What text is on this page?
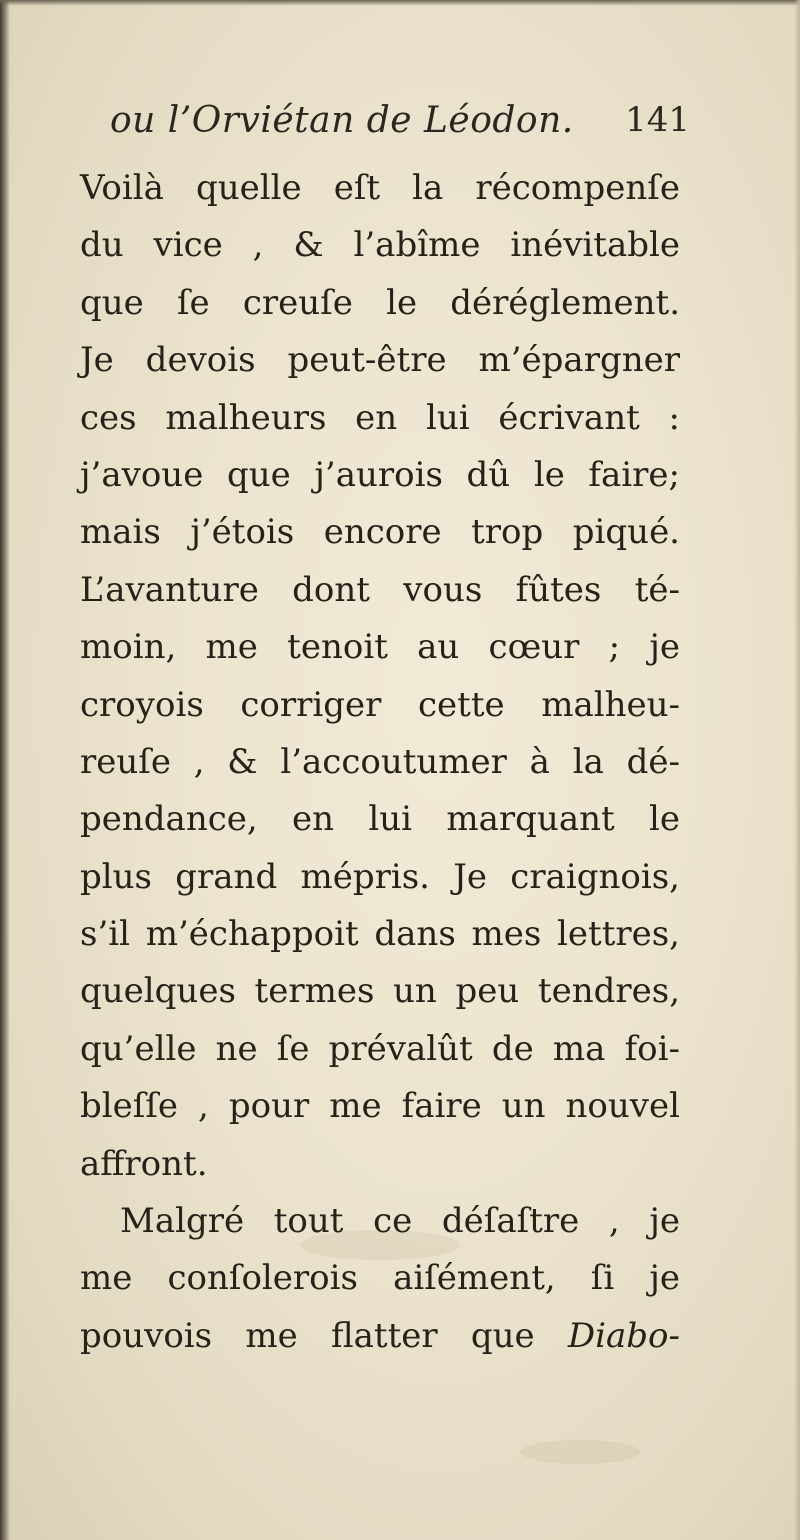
ou l’Orviétan de Léodon. 141
Voilà quelle eſt la récompenſe
du vice , & l’abîme inévitable
que ſe creuſe le déréglement.
Je devois peut-être m’épargner
ces malheurs en lui écrivant :
j’avoue que j’aurois dû le faire;
mais j’étois encore trop piqué.
L’avanture dont vous fûtes té-
moin, me tenoit au cœur ; je
croyois corriger cette malheu-
reuſe , & l’accoutumer à la dé-
pendance, en lui marquant le
plus grand mépris. Je craignois,
s’il m’échappoit dans mes lettres,
quelques termes un peu tendres,
qu’elle ne ſe prévalût de ma foi-
bleſſe , pour me faire un nouvel
affront.
Malgré tout ce déſaſtre , je
me conſolerois aiſément, ſi je
pouvois me flatter que Diabo-
